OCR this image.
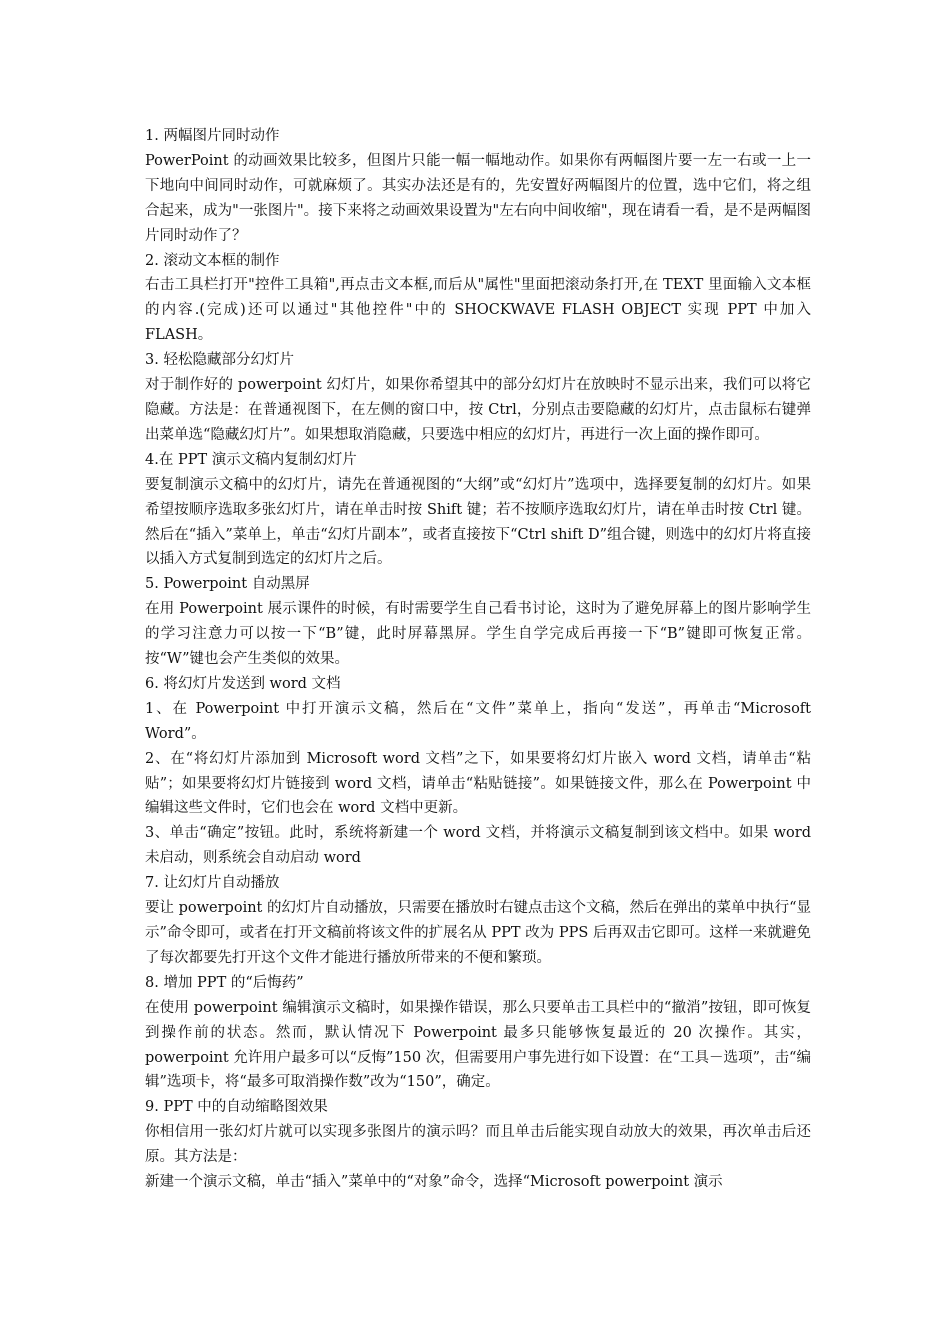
1. 两幅图片同时动作

PowerPoint 的动画效果比较多，但图片只能一幅一幅地动作。如果你有两幅图片要一左一右或一上一下地向中间同时动作，可就麻烦了。其实办法还是有的，先安置好两幅图片的位置，选中它们，将之组合起来，成为"一张图片"。接下来将之动画效果设置为"左右向中间收缩"，现在请看一看，是不是两幅图片同时动作了？

2. 滚动文本框的制作

右击工具栏打开"控件工具箱",再点击文本框,而后从"属性"里面把滚动条打开,在 TEXT 里面输入文本框的内容.(完成)还可以通过"其他控件"中的 SHOCKWAVE FLASH OBJECT 实现 PPT 中加入 FLASH。

3. 轻松隐藏部分幻灯片

对于制作好的 powerpoint 幻灯片，如果你希望其中的部分幻灯片在放映时不显示出来，我们可以将它隐藏。方法是：在普通视图下，在左侧的窗口中，按 Ctrl，分别点击要隐藏的幻灯片，点击鼠标右键弹出菜单选“隐藏幻灯片”。如果想取消隐藏，只要选中相应的幻灯片，再进行一次上面的操作即可。

4.在 PPT 演示文稿内复制幻灯片

要复制演示文稿中的幻灯片，请先在普通视图的“大纲”或“幻灯片”选项中，选择要复制的幻灯片。如果希望按顺序选取多张幻灯片，请在单击时按 Shift 键；若不按顺序选取幻灯片，请在单击时按 Ctrl 键。然后在“插入”菜单上，单击“幻灯片副本”，或者直接按下“Ctrl shift D”组合键，则选中的幻灯片将直接以插入方式复制到选定的幻灯片之后。

5. Powerpoint 自动黑屏

在用 Powerpoint 展示课件的时候，有时需要学生自己看书讨论，这时为了避免屏幕上的图片影响学生的学习注意力可以按一下“B”键，此时屏幕黑屏。学生自学完成后再接一下“B”键即可恢复正常。按“W”键也会产生类似的效果。

6. 将幻灯片发送到 word 文档

1、在 Powerpoint 中打开演示文稿，然后在“文件”菜单上，指向“发送”，再单击“Microsoft Word”。

2、在“将幻灯片添加到 Microsoft word 文档”之下，如果要将幻灯片嵌入 word 文档，请单击“粘贴”；如果要将幻灯片链接到 word 文档，请单击“粘贴链接”。如果链接文件，那么在 Powerpoint 中编辑这些文件时，它们也会在 word 文档中更新。

3、单击“确定”按钮。此时，系统将新建一个 word 文档，并将演示文稿复制到该文档中。如果 word 未启动，则系统会自动启动 word

7. 让幻灯片自动播放

要让 powerpoint 的幻灯片自动播放，只需要在播放时右键点击这个文稿，然后在弹出的菜单中执行“显示”命令即可，或者在打开文稿前将该文件的扩展名从 PPT 改为 PPS 后再双击它即可。这样一来就避免了每次都要先打开这个文件才能进行播放所带来的不便和繁琐。

8. 增加 PPT 的“后悔药”

在使用 powerpoint 编辑演示文稿时，如果操作错误，那么只要单击工具栏中的“撤消”按钮，即可恢复到操作前的状态。然而，默认情况下 Powerpoint 最多只能够恢复最近的 20 次操作。其实，powerpoint 允许用户最多可以“反悔”150 次，但需要用户事先进行如下设置：在“工具－选项”，击“编辑”选项卡，将“最多可取消操作数”改为“150”，确定。

9. PPT 中的自动缩略图效果

你相信用一张幻灯片就可以实现多张图片的演示吗？而且单击后能实现自动放大的效果，再次单击后还原。其方法是：

新建一个演示文稿，单击“插入”菜单中的“对象”命令，选择“Microsoft powerpoint 演示
